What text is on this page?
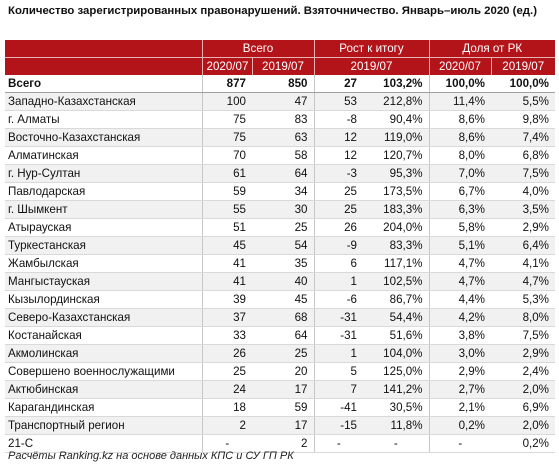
Количество зарегистрированных правонарушений. Взяточничество. Январь–июль 2020 (ед.)
	Всего		Рост к итогу		Доля от РК	
	2020/07	2019/07	2019/07		2020/07	2019/07
Всего	877	850	27	103,2%	100,0%	100,0%
Западно-Казахстанская	100	47	53	212,8%	11,4%	5,5%
г. Алматы	75	83	-8	90,4%	8,6%	9,8%
Восточно-Казахстанская	75	63	12	119,0%	8,6%	7,4%
Алматинская	70	58	12	120,7%	8,0%	6,8%
г. Нур-Султан	61	64	-3	95,3%	7,0%	7,5%
Павлодарская	59	34	25	173,5%	6,7%	4,0%
г. Шымкент	55	30	25	183,3%	6,3%	3,5%
Атырауская	51	25	26	204,0%	5,8%	2,9%
Туркестанская	45	54	-9	83,3%	5,1%	6,4%
Жамбылская	41	35	6	117,1%	4,7%	4,1%
Мангыстауская	41	40	1	102,5%	4,7%	4,7%
Кызылординская	39	45	-6	86,7%	4,4%	5,3%
Северо-Казахстанская	37	68	-31	54,4%	4,2%	8,0%
Костанайская	33	64	-31	51,6%	3,8%	7,5%
Акмолинская	26	25	1	104,0%	3,0%	2,9%
Совершено военнослужащими	25	20	5	125,0%	2,9%	2,4%
Актюбинская	24	17	7	141,2%	2,7%	2,0%
Карагандинская	18	59	-41	30,5%	2,1%	6,9%
Транспортный регион	2	17	-15	11,8%	0,2%	2,0%
21-С	-	2	-	-	-	0,2%
Расчёты Ranking.kz на основе данных КПС и СУ ГП РК
